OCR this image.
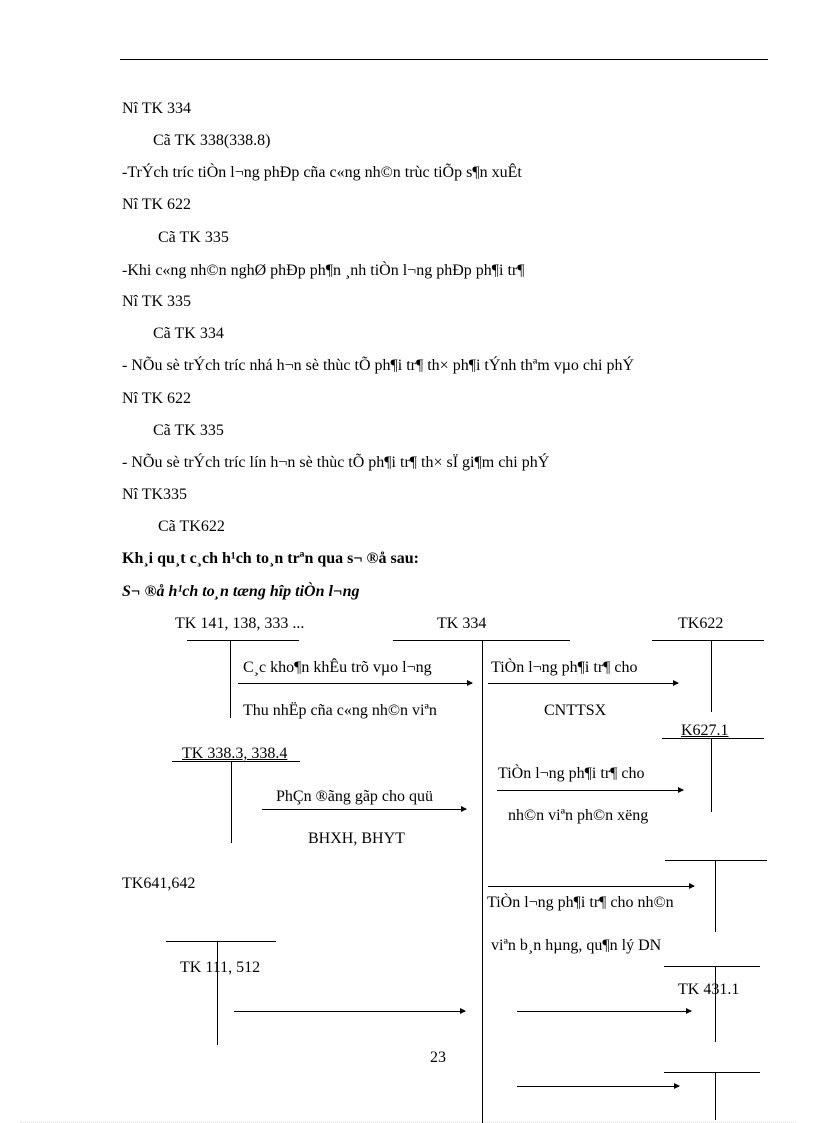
Nî TK 334
Cã TK 338(338.8)
-TrÝch tríc tiÒn l¬ng phÐp cña c«ng nh©n trùc tiÕp s¶n xuÊt
Nî TK 622
Cã TK 335
-Khi c«ng nh©n nghØ phÐp ph¶n ¸nh tiÒn l¬ng phÐp ph¶i tr¶
Nî TK 335
Cã TK 334
- NÕu sè trÝch tríc nhá h¬n sè thùc tÕ ph¶i tr¶ th× ph¶i tÝnh thªm vµo chi phÝ
Nî TK 622
Cã TK 335
- NÕu sè trÝch tríc lín h¬n sè thùc tÕ ph¶i tr¶ th× sÏ gi¶m chi phÝ
Nî TK335
Cã TK622
Kh¸i qu¸t c¸ch h¹ch to¸n trªn qua s¬ ®å sau:
S¬ ®å h¹ch to¸n tæng hîp tiÒn l¬ng
TK 141, 138, 333 ...	TK 334	TK622
K627.1
TK 338.3, 338.4
TK641,642
TK 111, 512
TK 431.1
C¸c kho¶n khÊu trõ vµo l¬ng
Thu nhËp cña c«ng nh©n viªn
TiÒn l¬ng ph¶i tr¶ cho
CNTTSX
TiÒn l¬ng ph¶i tr¶ cho
nh©n viªn ph©n xëng
PhÇn ®ãng gãp cho quü
BHXH, BHYT
TiÒn l¬ng ph¶i tr¶ cho nh©n
viªn b¸n hµng, qu¶n lý DN
23
